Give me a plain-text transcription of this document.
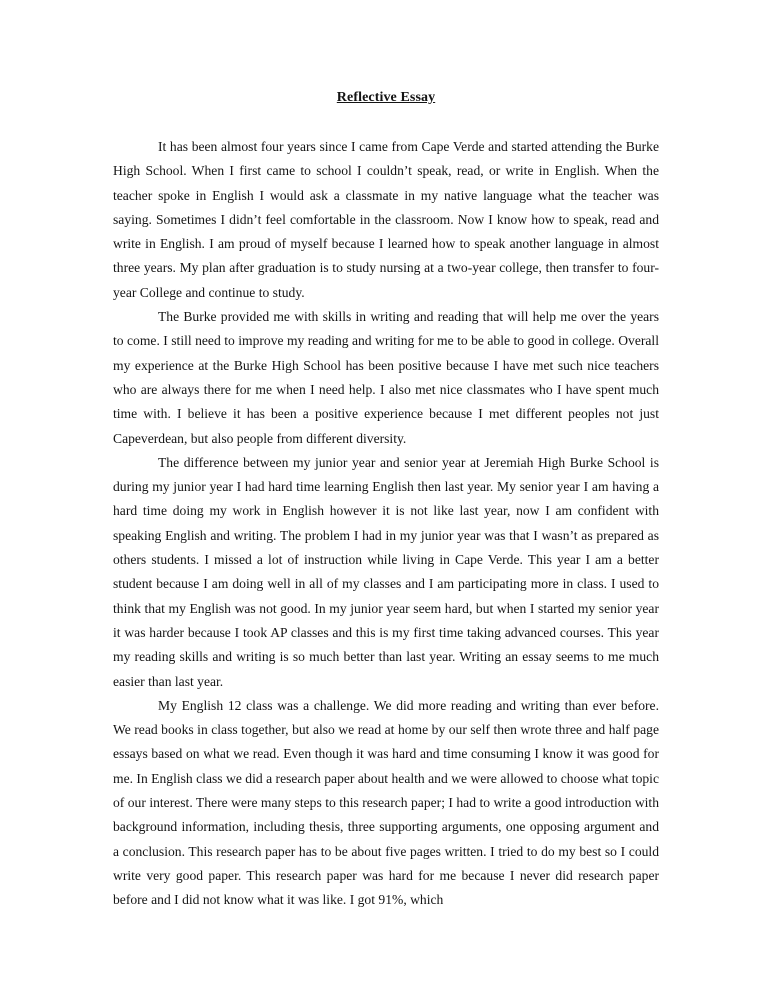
Reflective Essay

It has been almost four years since I came from Cape Verde and started attending the Burke High School. When I first came to school I couldn’t speak, read, or write in English. When the teacher spoke in English I would ask a classmate in my native language what the teacher was saying. Sometimes I didn’t feel comfortable in the classroom. Now I know how to speak, read and write in English. I am proud of myself because I learned how to speak another language in almost three years. My plan after graduation is to study nursing at a two-year college, then transfer to four-year College and continue to study.

The Burke provided me with skills in writing and reading that will help me over the years to come. I still need to improve my reading and writing for me to be able to good in college. Overall my experience at the Burke High School has been positive because I have met such nice teachers who are always there for me when I need help. I also met nice classmates who I have spent much time with. I believe it has been a positive experience because I met different peoples not just Capeverdean, but also people from different diversity.

The difference between my junior year and senior year at Jeremiah High Burke School is during my junior year I had hard time learning English then last year. My senior year I am having a hard time doing my work in English however it is not like last year, now I am confident with speaking English and writing. The problem I had in my junior year was that I wasn’t as prepared as others students. I missed a lot of instruction while living in Cape Verde. This year I am a better student because I am doing well in all of my classes and I am participating more in class. I used to think that my English was not good. In my junior year seem hard, but when I started my senior year it was harder because I took AP classes and this is my first time taking advanced courses. This year my reading skills and writing is so much better than last year. Writing an essay seems to me much easier than last year.

My English 12 class was a challenge. We did more reading and writing than ever before. We read books in class together, but also we read at home by our self then wrote three and half page essays based on what we read. Even though it was hard and time consuming I know it was good for me. In English class we did a research paper about health and we were allowed to choose what topic of our interest. There were many steps to this research paper; I had to write a good introduction with background information, including thesis, three supporting arguments, one opposing argument and a conclusion. This research paper has to be about five pages written. I tried to do my best so I could write very good paper. This research paper was hard for me because I never did research paper before and I did not know what it was like. I got 91%, which
